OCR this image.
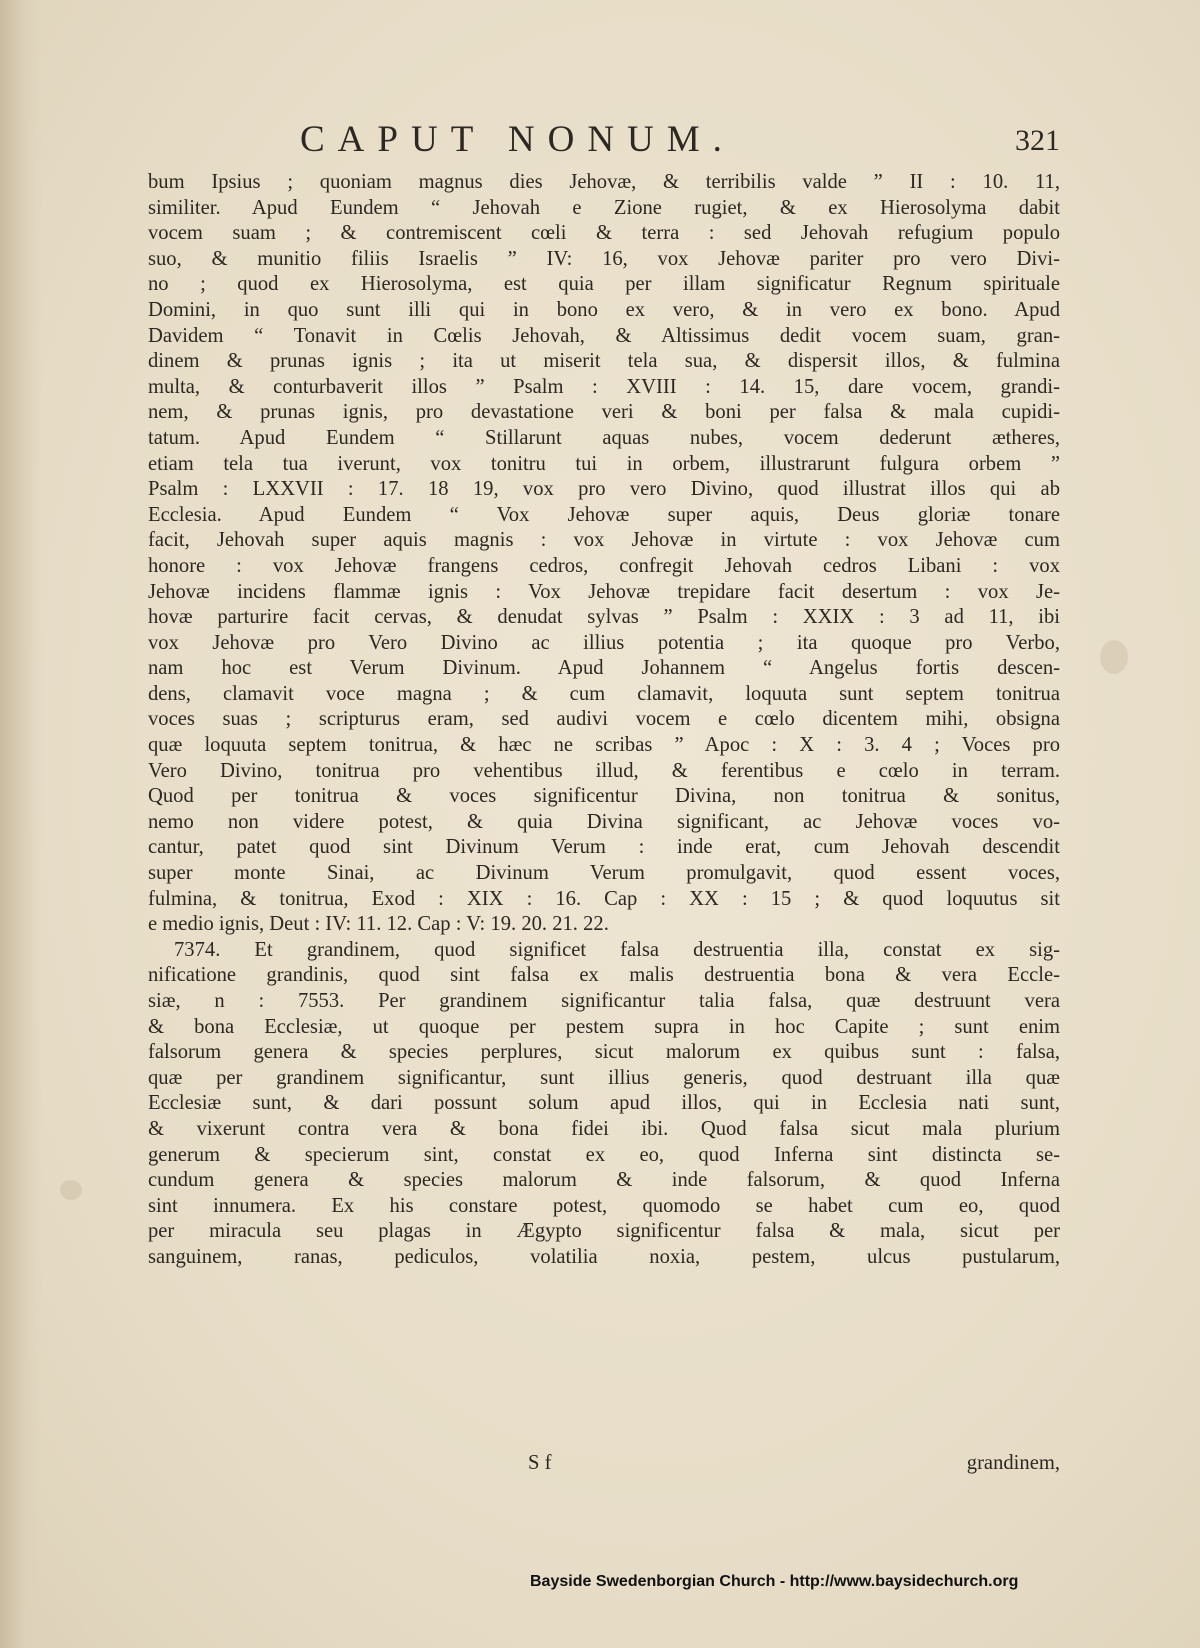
CAPUT NONUM.	321
bum Ipsius ; quoniam magnus dies Jehovæ, & terribilis valde ” II : 10. 11,
similiter. Apud Eundem “ Jehovah e Zione rugiet, & ex Hierosolyma dabit
vocem suam ; & contremiscent cœli & terra : sed Jehovah refugium populo
suo, & munitio filiis Israelis ” IV: 16, vox Jehovæ pariter pro vero Divi-
no ; quod ex Hierosolyma, est quia per illam significatur Regnum spirituale
Domini, in quo sunt illi qui in bono ex vero, & in vero ex bono. Apud
Davidem “ Tonavit in Cœlis Jehovah, & Altissimus dedit vocem suam, gran-
dinem & prunas ignis ; ita ut miserit tela sua, & dispersit illos, & fulmina
multa, & conturbaverit illos ” Psalm : XVIII : 14. 15, dare vocem, grandi-
nem, & prunas ignis, pro devastatione veri & boni per falsa & mala cupidi-
tatum. Apud Eundem “ Stillarunt aquas nubes, vocem dederunt ætheres,
etiam tela tua iverunt, vox tonitru tui in orbem, illustrarunt fulgura orbem ”
Psalm : LXXVII : 17. 18 19, vox pro vero Divino, quod illustrat illos qui ab
Ecclesia. Apud Eundem “ Vox Jehovæ super aquis, Deus gloriæ tonare
facit, Jehovah super aquis magnis : vox Jehovæ in virtute : vox Jehovæ cum
honore : vox Jehovæ frangens cedros, confregit Jehovah cedros Libani : vox
Jehovæ incidens flammæ ignis : Vox Jehovæ trepidare facit desertum : vox Je-
hovæ parturire facit cervas, & denudat sylvas ” Psalm : XXIX : 3 ad 11, ibi
vox Jehovæ pro Vero Divino ac illius potentia ; ita quoque pro Verbo,
nam hoc est Verum Divinum. Apud Johannem “ Angelus fortis descen-
dens, clamavit voce magna ; & cum clamavit, loquuta sunt septem tonitrua
voces suas ; scripturus eram, sed audivi vocem e cœlo dicentem mihi, obsigna
quæ loquuta septem tonitrua, & hæc ne scribas ” Apoc : X : 3. 4 ; Voces pro
Vero Divino, tonitrua pro vehentibus illud, & ferentibus e cœlo in terram.
Quod per tonitrua & voces significentur Divina, non tonitrua & sonitus,
nemo non videre potest, & quia Divina significant, ac Jehovæ voces vo-
cantur, patet quod sint Divinum Verum : inde erat, cum Jehovah descendit
super monte Sinai, ac Divinum Verum promulgavit, quod essent voces,
fulmina, & tonitrua, Exod : XIX : 16. Cap : XX : 15 ; & quod loquutus sit
e medio ignis, Deut : IV: 11. 12. Cap : V: 19. 20. 21. 22.
7374. Et grandinem, quod significet falsa destruentia illa, constat ex sig-
nificatione grandinis, quod sint falsa ex malis destruentia bona & vera Eccle-
siæ, n : 7553. Per grandinem significantur talia falsa, quæ destruunt vera
& bona Ecclesiæ, ut quoque per pestem supra in hoc Capite ; sunt enim
falsorum genera & species perplures, sicut malorum ex quibus sunt : falsa,
quæ per grandinem significantur, sunt illius generis, quod destruant illa quæ
Ecclesiæ sunt, & dari possunt solum apud illos, qui in Ecclesia nati sunt,
& vixerunt contra vera & bona fidei ibi. Quod falsa sicut mala plurium
generum & specierum sint, constat ex eo, quod Inferna sint distincta se-
cundum genera & species malorum & inde falsorum, & quod Inferna
sint innumera. Ex his constare potest, quomodo se habet cum eo, quod
per miracula seu plagas in Ægypto significentur falsa & mala, sicut per
sanguinem, ranas, pediculos, volatilia noxia, pestem, ulcus pustularum,
S f	grandinem,
Bayside Swedenborgian Church - http://www.baysidechurch.org
